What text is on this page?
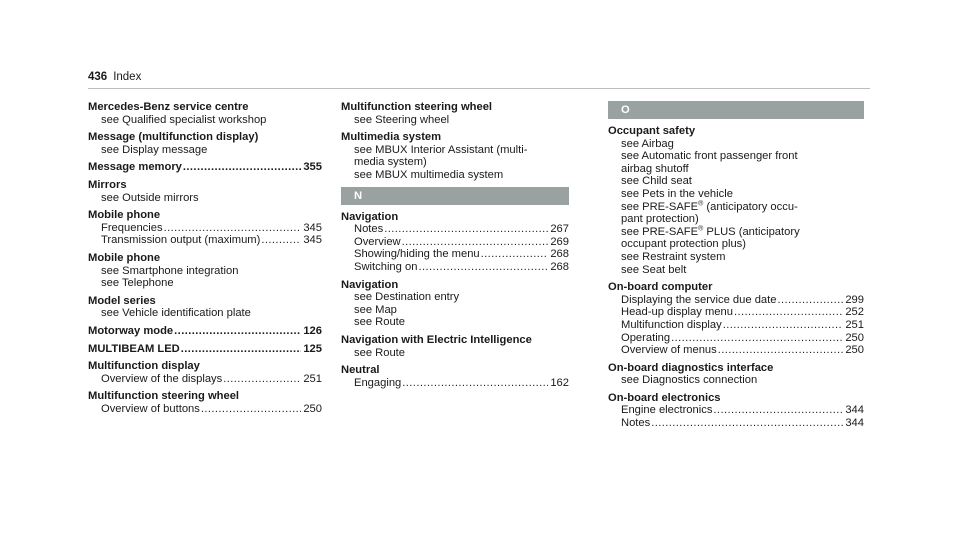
436 Index
Mercedes-Benz service centre
see Qualified specialist workshop
Message (multifunction display)
see Display message
Message memory .....	355
Mirrors
see Outside mirrors
Mobile phone
Frequencies .....	345
Transmission output (maximum) .....	345
Mobile phone
see Smartphone integration
see Telephone
Model series
see Vehicle identification plate
Motorway mode .....	126
MULTIBEAM LED .....	125
Multifunction display
Overview of the displays .....	251
Multifunction steering wheel
Overview of buttons .....	250
Multifunction steering wheel
see Steering wheel
Multimedia system
see MBUX Interior Assistant (multi-
media system)
see MBUX multimedia system
N
Navigation
Notes .....	267
Overview .....	269
Showing/hiding the menu .....	268
Switching on .....	268
Navigation
see Destination entry
see Map
see Route
Navigation with Electric Intelligence
see Route
Neutral
Engaging .....	162
O
Occupant safety
see Airbag
see Automatic front passenger front
airbag shutoff
see Child seat
see Pets in the vehicle
see PRE-SAFE® (anticipatory occu-
pant protection)
see PRE-SAFE® PLUS (anticipatory
occupant protection plus)
see Restraint system
see Seat belt
On-board computer
Displaying the service due date .....	299
Head-up display menu .....	252
Multifunction display .....	251
Operating .....	250
Overview of menus .....	250
On-board diagnostics interface
see Diagnostics connection
On-board electronics
Engine electronics .....	344
Notes .....	344
